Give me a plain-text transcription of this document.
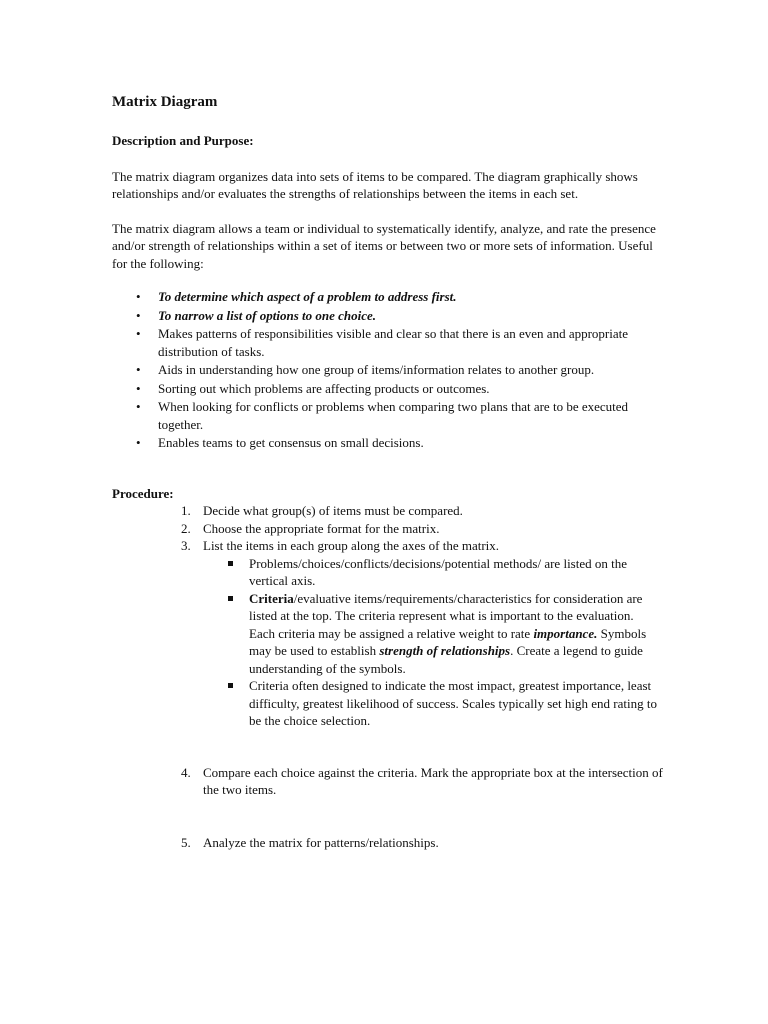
Matrix Diagram
Description and Purpose:

The matrix diagram organizes data into sets of items to be compared. The diagram graphically shows relationships and/or evaluates the strengths of relationships between the items in each set.

The matrix diagram allows a team or individual to systematically identify, analyze, and rate the presence and/or strength of relationships within a set of items or between two or more sets of information. Useful for the following:

• To determine which aspect of a problem to address first.
• To narrow a list of options to one choice.
• Makes patterns of responsibilities visible and clear so that there is an even and appropriate distribution of tasks.
• Aids in understanding how one group of items/information relates to another group.
• Sorting out which problems are affecting products or outcomes.
• When looking for conflicts or problems when comparing two plans that are to be executed together.
• Enables teams to get consensus on small decisions.
Procedure:
1. Decide what group(s) of items must be compared.
2. Choose the appropriate format for the matrix.
3. List the items in each group along the axes of the matrix.
Problems/choices/conflicts/decisions/potential methods/ are listed on the vertical axis.
Criteria/evaluative items/requirements/characteristics for consideration are listed at the top. The criteria represent what is important to the evaluation. Each criteria may be assigned a relative weight to rate importance. Symbols may be used to establish strength of relationships. Create a legend to guide understanding of the symbols.
Criteria often designed to indicate the most impact, greatest importance, least difficulty, greatest likelihood of success. Scales typically set high end rating to be the choice selection.
4. Compare each choice against the criteria. Mark the appropriate box at the intersection of the two items.
5. Analyze the matrix for patterns/relationships.
